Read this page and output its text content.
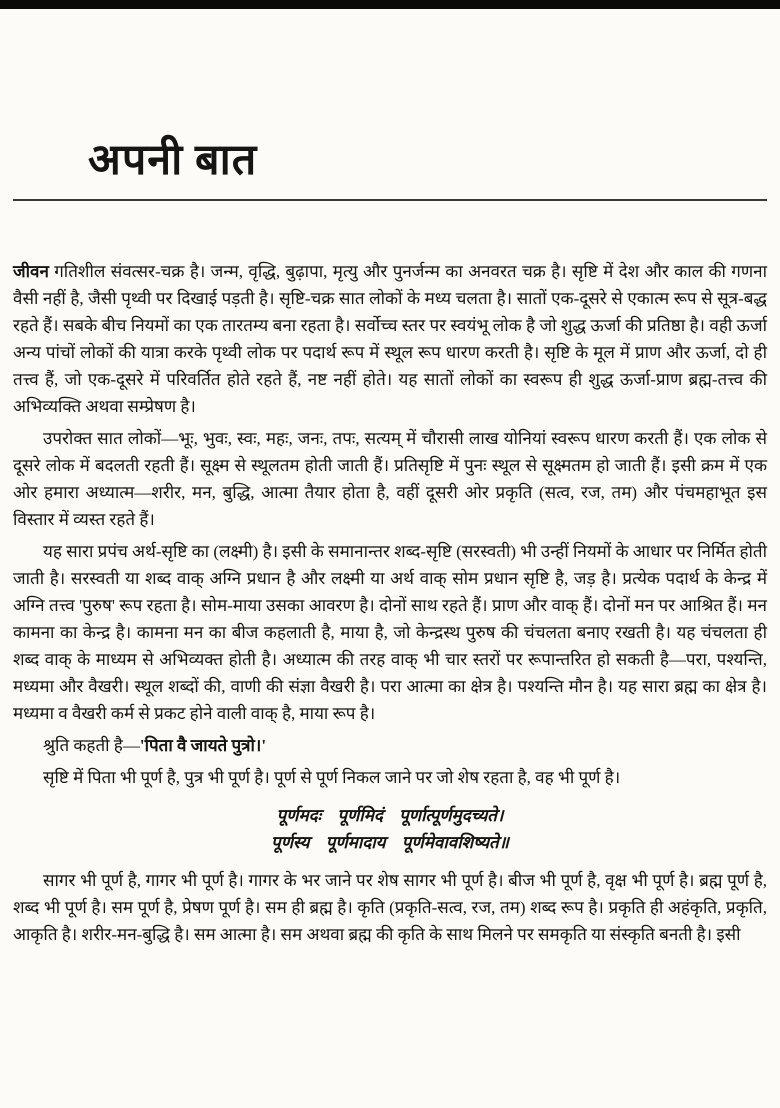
अपनी बात

जीवन गतिशील संवत्सर-चक्र है। जन्म, वृद्धि, बुढ़ापा, मृत्यु और पुनर्जन्म का अनवरत चक्र है। सृष्टि में देश और काल की गणना वैसी नहीं है, जैसी पृथ्वी पर दिखाई पड़ती है। सृष्टि-चक्र सात लोकों के मध्य चलता है। सातों एक-दूसरे से एकात्म रूप से सूत्र-बद्ध रहते हैं। सबके बीच नियमों का एक तारतम्य बना रहता है। सर्वोच्च स्तर पर स्वयंभू लोक है जो शुद्ध ऊर्जा की प्रतिष्ठा है। वही ऊर्जा अन्य पांचों लोकों की यात्रा करके पृथ्वी लोक पर पदार्थ रूप में स्थूल रूप धारण करती है। सृष्टि के मूल में प्राण और ऊर्जा, दो ही तत्त्व हैं, जो एक-दूसरे में परिवर्तित होते रहते हैं, नष्ट नहीं होते। यह सातों लोकों का स्वरूप ही शुद्ध ऊर्जा-प्राण ब्रह्म-तत्त्व की अभिव्यक्ति अथवा सम्प्रेषण है।

उपरोक्त सात लोकों—भूः, भुवः, स्वः, महः, जनः, तपः, सत्यम् में चौरासी लाख योनियां स्वरूप धारण करती हैं। एक लोक से दूसरे लोक में बदलती रहती हैं। सूक्ष्म से स्थूलतम होती जाती हैं। प्रतिसृष्टि में पुनः स्थूल से सूक्ष्मतम हो जाती हैं। इसी क्रम में एक ओर हमारा अध्यात्म—शरीर, मन, बुद्धि, आत्मा तैयार होता है, वहीं दूसरी ओर प्रकृति (सत्व, रज, तम) और पंचमहाभूत इस विस्तार में व्यस्त रहते हैं।

यह सारा प्रपंच अर्थ-सृष्टि का (लक्ष्मी) है। इसी के समानान्तर शब्द-सृष्टि (सरस्वती) भी उन्हीं नियमों के आधार पर निर्मित होती जाती है। सरस्वती या शब्द वाक् अग्नि प्रधान है और लक्ष्मी या अर्थ वाक् सोम प्रधान सृष्टि है, जड़ है। प्रत्येक पदार्थ के केन्द्र में अग्नि तत्त्व 'पुरुष' रूप रहता है। सोम-माया उसका आवरण है। दोनों साथ रहते हैं। प्राण और वाक् हैं। दोनों मन पर आश्रित हैं। मन कामना का केन्द्र है। कामना मन का बीज कहलाती है, माया है, जो केन्द्रस्थ पुरुष की चंचलता बनाए रखती है। यह चंचलता ही शब्द वाक् के माध्यम से अभिव्यक्त होती है। अध्यात्म की तरह वाक् भी चार स्तरों पर रूपान्तरित हो सकती है—परा, पश्यन्ति, मध्यमा और वैखरी। स्थूल शब्दों की, वाणी की संज्ञा वैखरी है। परा आत्मा का क्षेत्र है। पश्यन्ति मौन है। यह सारा ब्रह्म का क्षेत्र है। मध्यमा व वैखरी कर्म से प्रकट होने वाली वाक् है, माया रूप है।

श्रुति कहती है—'पिता वै जायते पुत्रो।'

सृष्टि में पिता भी पूर्ण है, पुत्र भी पूर्ण है। पूर्ण से पूर्ण निकल जाने पर जो शेष रहता है, वह भी पूर्ण है।

पूर्णमदः पूर्णमिदं पूर्णात्पूर्णमुदच्यते।
पूर्णस्य पूर्णमादाय पूर्णमेवावशिष्यते॥

सागर भी पूर्ण है, गागर भी पूर्ण है। गागर के भर जाने पर शेष सागर भी पूर्ण है। बीज भी पूर्ण है, वृक्ष भी पूर्ण है। ब्रह्म पूर्ण है, शब्द भी पूर्ण है। सम पूर्ण है, प्रेषण पूर्ण है। सम ही ब्रह्म है। कृति (प्रकृति-सत्व, रज, तम) शब्द रूप है। प्रकृति ही अहंकृति, प्रकृति, आकृति है। शरीर-मन-बुद्धि है। सम आत्मा है। सम अथवा ब्रह्म की कृति के साथ मिलने पर समकृति या संस्कृति बनती है। इसी
